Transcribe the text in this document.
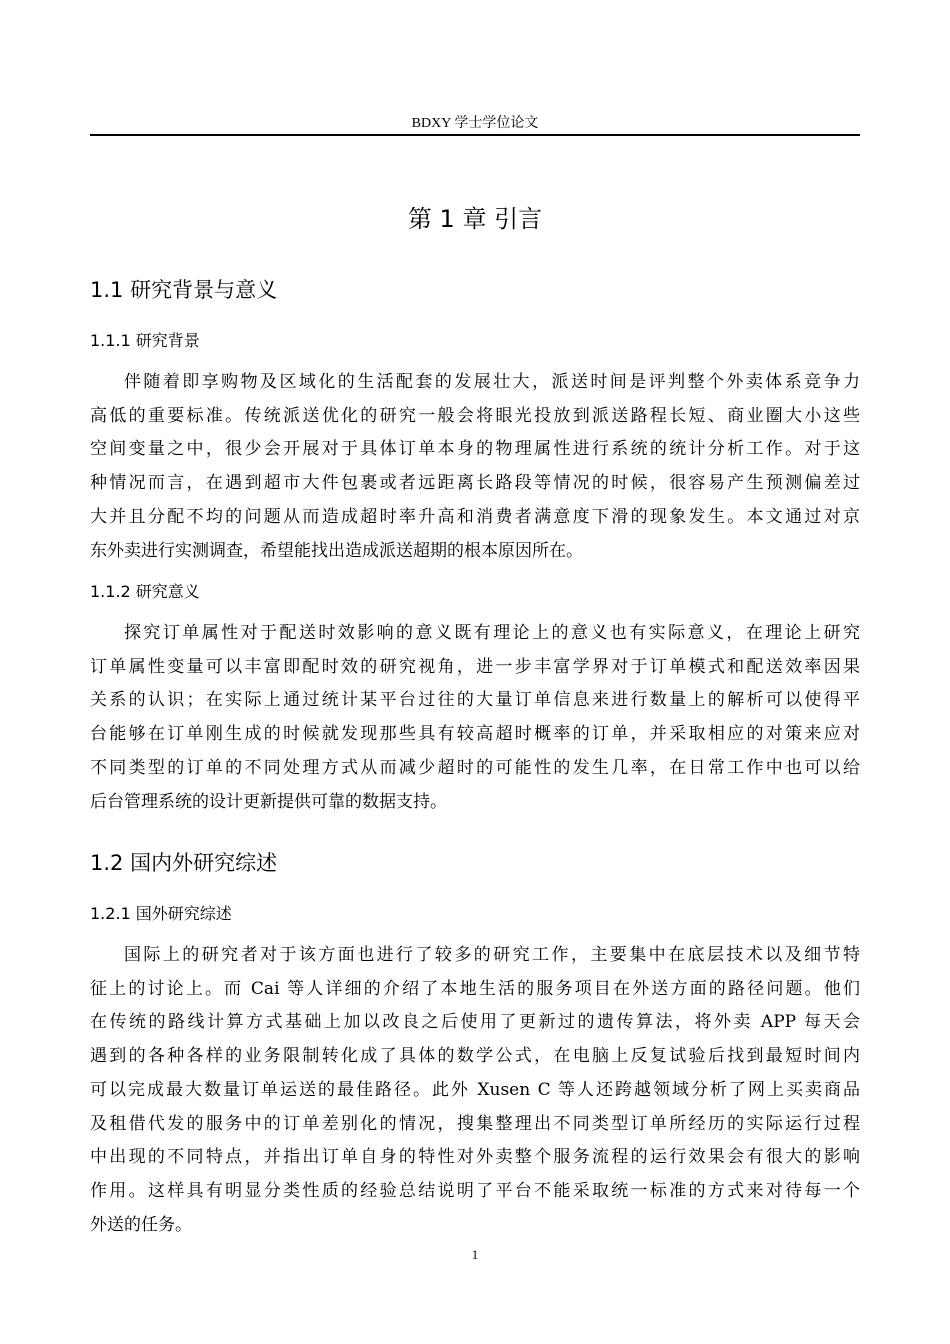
BDXY 学士学位论文
第 1 章 引言
1.1 研究背景与意义
1.1.1 研究背景
伴随着即享购物及区域化的生活配套的发展壮大，派送时间是评判整个外卖体系竞争力
高低的重要标准。传统派送优化的研究一般会将眼光投放到派送路程长短、商业圈大小这些
空间变量之中，很少会开展对于具体订单本身的物理属性进行系统的统计分析工作。对于这
种情况而言，在遇到超市大件包裹或者远距离长路段等情况的时候，很容易产生预测偏差过
大并且分配不均的问题从而造成超时率升高和消费者满意度下滑的现象发生。本文通过对京
东外卖进行实测调查，希望能找出造成派送超期的根本原因所在。
1.1.2 研究意义
探究订单属性对于配送时效影响的意义既有理论上的意义也有实际意义，在理论上研究
订单属性变量可以丰富即配时效的研究视角，进一步丰富学界对于订单模式和配送效率因果
关系的认识；在实际上通过统计某平台过往的大量订单信息来进行数量上的解析可以使得平
台能够在订单刚生成的时候就发现那些具有较高超时概率的订单，并采取相应的对策来应对
不同类型的订单的不同处理方式从而减少超时的可能性的发生几率，在日常工作中也可以给
后台管理系统的设计更新提供可靠的数据支持。
1.2 国内外研究综述
1.2.1 国外研究综述
国际上的研究者对于该方面也进行了较多的研究工作，主要集中在底层技术以及细节特
征上的讨论上。而 Cai 等人详细的介绍了本地生活的服务项目在外送方面的路径问题。他们
在传统的路线计算方式基础上加以改良之后使用了更新过的遗传算法，将外卖 APP 每天会
遇到的各种各样的业务限制转化成了具体的数学公式，在电脑上反复试验后找到最短时间内
可以完成最大数量订单运送的最佳路径。此外 Xusen C 等人还跨越领域分析了网上买卖商品
及租借代发的服务中的订单差别化的情况，搜集整理出不同类型订单所经历的实际运行过程
中出现的不同特点，并指出订单自身的特性对外卖整个服务流程的运行效果会有很大的影响
作用。这样具有明显分类性质的经验总结说明了平台不能采取统一标准的方式来对待每一个
外送的任务。
1
